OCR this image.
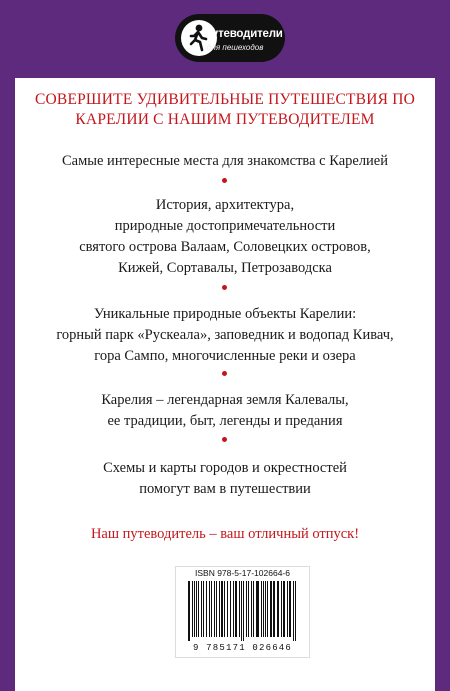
путеводители
для пешеходов
СОВЕРШИТЕ УДИВИТЕЛЬНЫЕ ПУТЕШЕСТВИЯ ПО
КАРЕЛИИ С НАШИМ ПУТЕВОДИТЕЛЕМ
Самые интересные места для знакомства с Карелией
История, архитектура,
природные достопримечательности
святого острова Валаам, Соловецких островов,
Кижей, Сортавалы, Петрозаводска
Уникальные природные объекты Карелии:
горный парк «Рускеала», заповедник и водопад Кивач,
гора Сампо, многочисленные реки и озера
Карелия – легендарная земля Калевалы,
ее традиции, быт, легенды и предания
Схемы и карты городов и окрестностей
помогут вам в путешествии
Наш путеводитель – ваш отличный отпуск!
ISBN 978-5-17-102664-6
9 785171 026646
